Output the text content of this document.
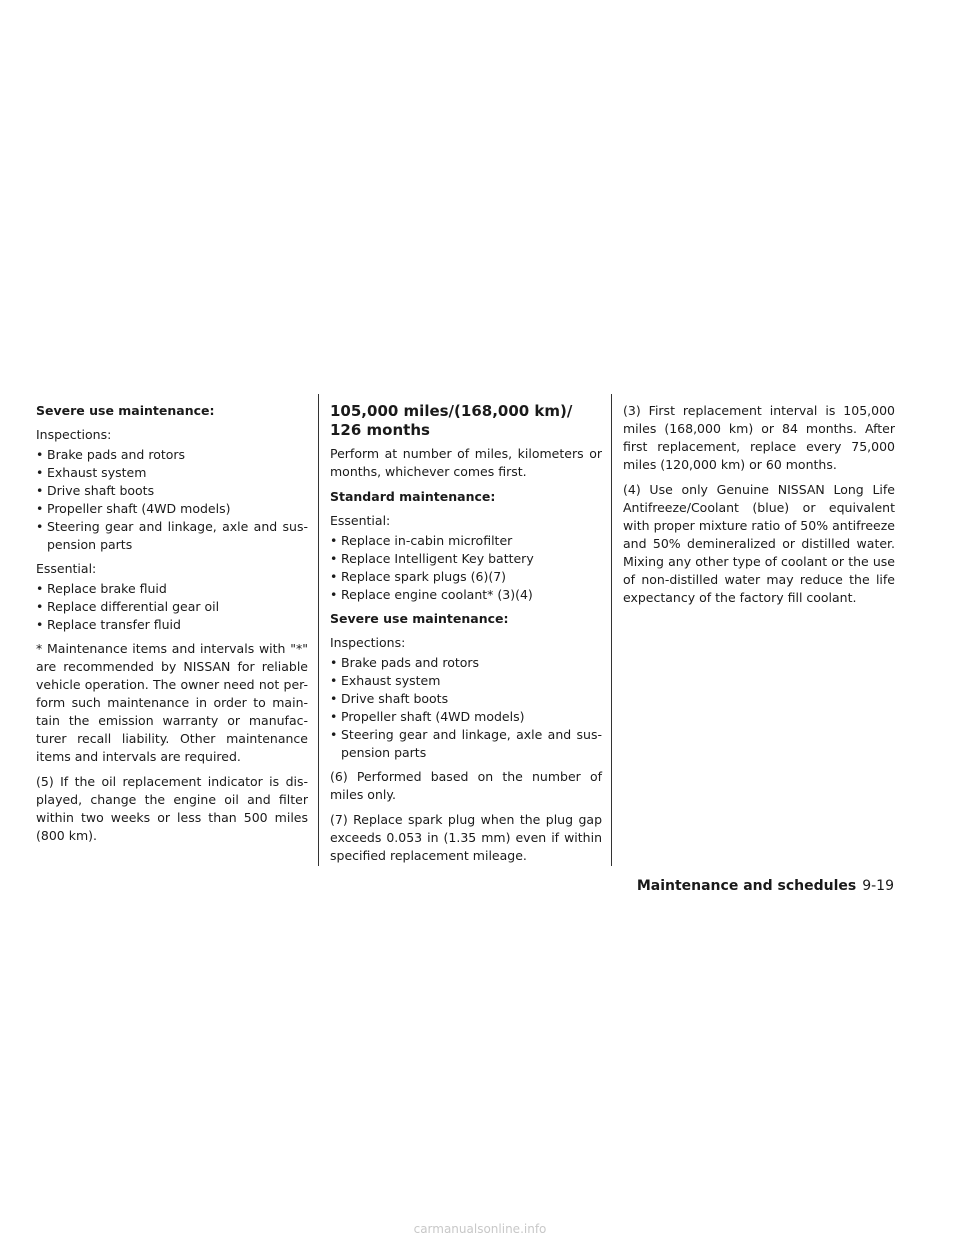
Severe use maintenance:

Inspections:

• Brake pads and rotors
• Exhaust system
• Drive shaft boots
• Propeller shaft (4WD models)
• Steering gear and linkage, axle and sus-pension parts

Essential:

• Replace brake fluid
• Replace differential gear oil
• Replace transfer fluid

* Maintenance items and intervals with "*" are recommended by NISSAN for reliable vehicle operation. The owner need not per-form such maintenance in order to main-tain the emission warranty or manufac-turer recall liability. Other maintenance items and intervals are required.

(5) If the oil replacement indicator is dis-played, change the engine oil and filter within two weeks or less than 500 miles (800 km).

105,000 miles/(168,000 km)/ 126 months

Perform at number of miles, kilometers or months, whichever comes first.

Standard maintenance:

Essential:

• Replace in-cabin microfilter
• Replace Intelligent Key battery
• Replace spark plugs (6)(7)
• Replace engine coolant* (3)(4)

Severe use maintenance:

Inspections:

• Brake pads and rotors
• Exhaust system
• Drive shaft boots
• Propeller shaft (4WD models)
• Steering gear and linkage, axle and sus-pension parts

(6) Performed based on the number of miles only.

(7) Replace spark plug when the plug gap exceeds 0.053 in (1.35 mm) even if within specified replacement mileage.

(3) First replacement interval is 105,000 miles (168,000 km) or 84 months. After first replacement, replace every 75,000 miles (120,000 km) or 60 months.

(4) Use only Genuine NISSAN Long Life Antifreeze/Coolant (blue) or equivalent with proper mixture ratio of 50% antifreeze and 50% demineralized or distilled water. Mixing any other type of coolant or the use of non-distilled water may reduce the life expectancy of the factory fill coolant.

Maintenance and schedules 9-19
carmanualsonline.info
